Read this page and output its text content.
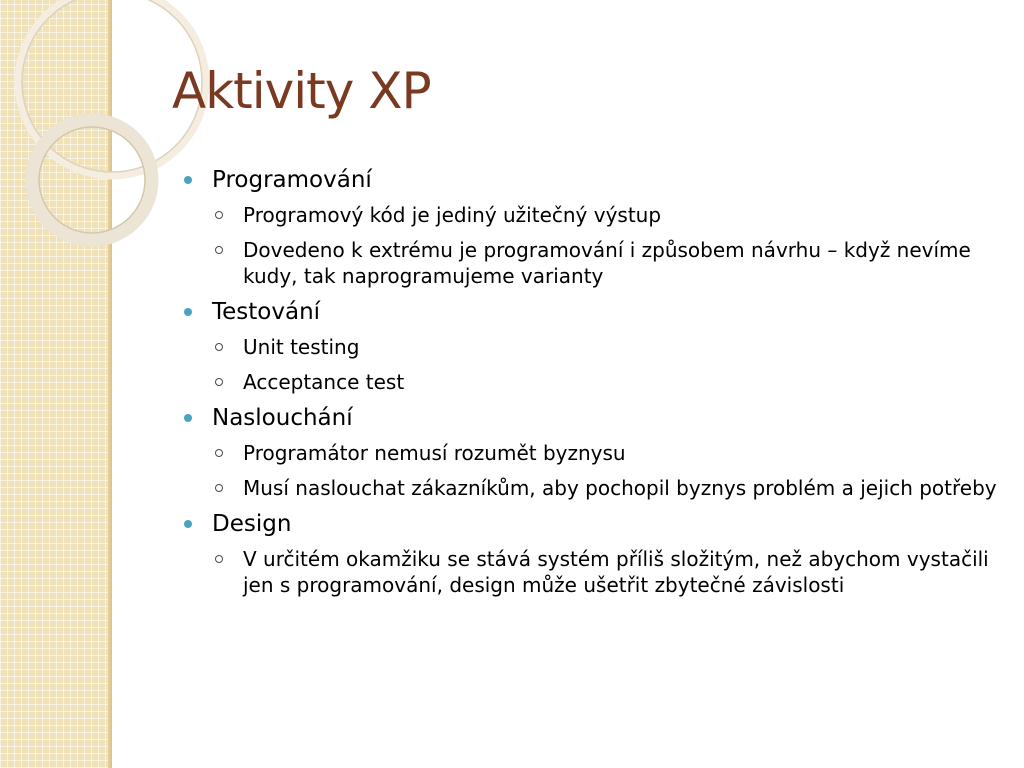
Aktivity XP
Programování
Programový kód je jediný užitečný výstup
Dovedeno k extrému je programování i způsobem návrhu – když nevíme kudy, tak naprogramujeme varianty
Testování
Unit testing
Acceptance test
Naslouchání
Programátor nemusí rozumět byznysu
Musí naslouchat zákazníkům, aby pochopil byznys problém a jejich potřeby
Design
V určitém okamžiku se stává systém příliš složitým, než abychom vystačili jen s programování, design může ušetřit zbytečné závislosti
